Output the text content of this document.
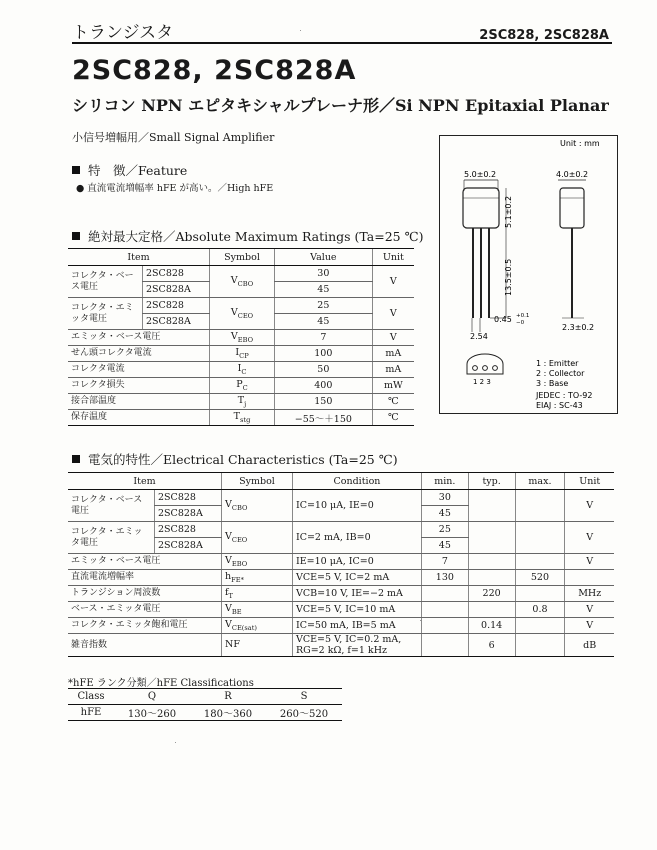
トランジスタ	2SC828, 2SC828A
2SC828, 2SC828A
シリコン NPN エピタキシャルプレーナ形／Si NPN Epitaxial Planar
小信号増幅用／Small Signal Amplifier
特　徴／Feature
● 直流電流増幅率 hFE が高い。／High hFE
絶対最大定格／Absolute Maximum Ratings (Ta=25 ℃)
Item		Symbol	Value	Unit
コレクタ・ベース電圧	2SC828	$V_{CBO}$	30	V
	2SC828A		45	
コレクタ・エミッタ電圧	2SC828	$V_{CEO}$	25	V
	2SC828A		45	
エミッタ・ベース電圧		$V_{EBO}$	7	V
せん頭コレクタ電流		$I_{CP}$	100	mA
コレクタ電流		$I_C$	50	mA
コレクタ損失		$P_C$	400	mW
接合部温度		$T_j$	150	℃
保存温度		$T_{stg}$	−55～＋150	℃
Unit : mm
5.0±0.2
5.1±0.2
13.5±0.5
0.45 +0.1
−0
2.54
4.0±0.2
2.3±0.2
1 2 3
1 : Emitter
2 : Collector
3 : Base
JEDEC : TO-92
EIAJ : SC-43
電気的特性／Electrical Characteristics (Ta=25 ℃)
Item		Symbol	Condition	min.	typ.	max.	Unit
コレクタ・ベース電圧	2SC828	$V_{CBO}$	IC=10 μA, IE=0	30			V
	2SC828A			45			
コレクタ・エミッタ電圧	2SC828	$V_{CEO}$	IC=2 mA, IB=0	25			V
	2SC828A			45			
エミッタ・ベース電圧		$V_{EBO}$	IE=10 μA, IC=0	7			V
直流電流増幅率		$h_{FE*}$	VCE=5 V, IC=2 mA	130		520	
トランジション周波数		$f_T$	VCB=10 V, IE=−2 mA		220		MHz
ベース・エミッタ電圧		$V_{BE}$	VCE=5 V, IC=10 mA			0.8	V
コレクタ・エミッタ飽和電圧		$V_{CE(sat)}$	IC=50 mA, IB=5 mA		0.14		V
雑音指数		NF	VCE=5 V, IC=0.2 mA, RG=2 kΩ, f=1 kHz		6		dB
*hFE ランク分類／hFE Classifications
Class	Q	R	S
hFE	130～260	180～360	260～520
